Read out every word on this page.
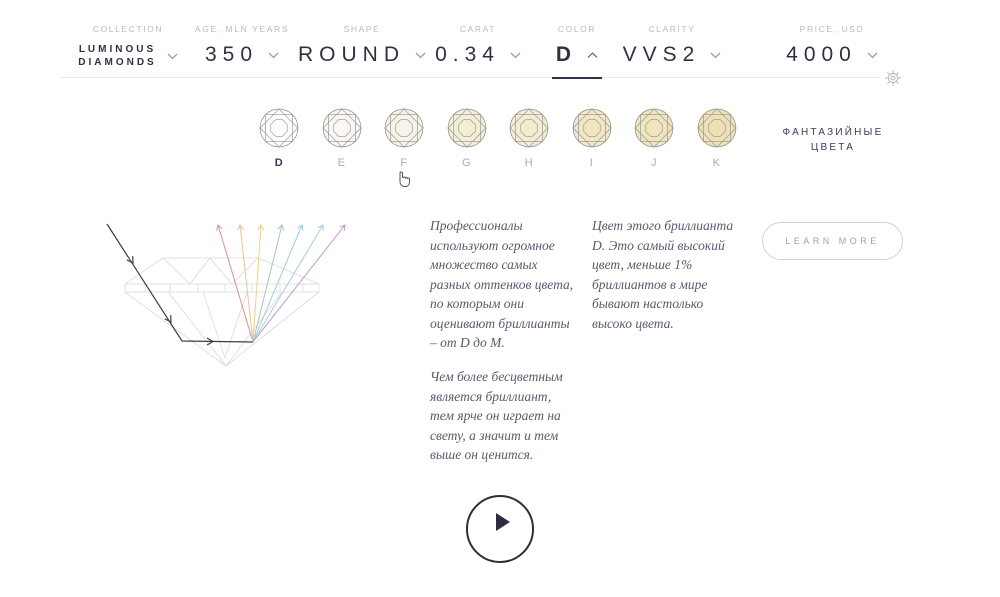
COLLECTION
LUMINOUS
DIAMONDS
AGE, MLN YEARS
350
SHAPE
ROUND
CARAT
0.34
COLOR
D
CLARITY
VVS2
PRICE, USD
4000
D	E	F	G	H	I	J	K
ФАНТАЗИЙНЫЕ
ЦВЕТА

Профессионалы используют огромное множество самых разных оттенков цвета, по которым они оценивают бриллианты – от D до M.

Чем более бесцветным является бриллиант, тем ярче он играет на свету, а значит и тем выше он ценится.

Цвет этого бриллианта D. Это самый высокий цвет, меньше 1% бриллиантов в мире бывают настолько высоко цвета.

LEARN MORE
